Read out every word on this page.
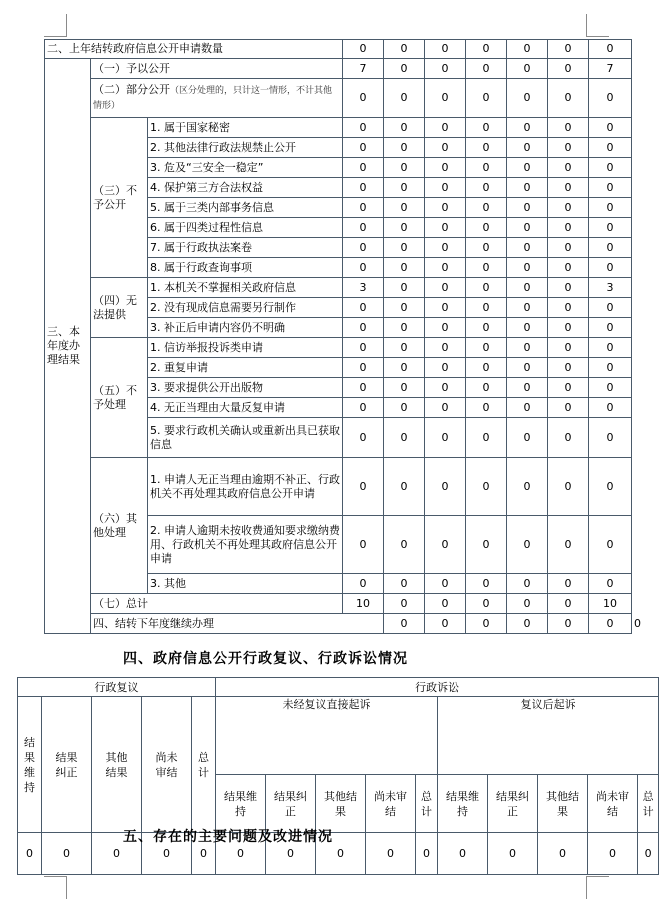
二、上年结转政府信息公开申请数量			0	0	0	0	0	0	0	
三、本年度办理结果	（一）予以公开		7	0	0	0	0	0	7	
	（二）部分公开（区分处理的，只计这一情形，不计其他情形）		0	0	0	0	0	0	0	
	（三）不予公开	1. 属于国家秘密	0	0	0	0	0	0	0	
		2. 其他法律行政法规禁止公开	0	0	0	0	0	0	0	
		3. 危及“三安全一稳定”	0	0	0	0	0	0	0	
		4. 保护第三方合法权益	0	0	0	0	0	0	0	
		5. 属于三类内部事务信息	0	0	0	0	0	0	0	
		6. 属于四类过程性信息	0	0	0	0	0	0	0	
		7. 属于行政执法案卷	0	0	0	0	0	0	0	
		8. 属于行政查询事项	0	0	0	0	0	0	0	
	（四）无法提供	1. 本机关不掌握相关政府信息	3	0	0	0	0	0	3	
		2. 没有现成信息需要另行制作	0	0	0	0	0	0	0	
		3. 补正后申请内容仍不明确	0	0	0	0	0	0	0	
	（五）不予处理	1. 信访举报投诉类申请	0	0	0	0	0	0	0	
		2. 重复申请	0	0	0	0	0	0	0	
		3. 要求提供公开出版物	0	0	0	0	0	0	0	
		4. 无正当理由大量反复申请	0	0	0	0	0	0	0	
		5. 要求行政机关确认或重新出具已获取信息	0	0	0	0	0	0	0	
	（六）其他处理	1. 申请人无正当理由逾期不补正、行政机关不再处理其政府信息公开申请	0	0	0	0	0	0	0	
		2. 申请人逾期未按收费通知要求缴纳费用、行政机关不再处理其政府信息公开申请	0	0	0	0	0	0	0	
		3. 其他	0	0	0	0	0	0	0	
	（七）总计		10	0	0	0	0	0	10	
	四、结转下年度继续办理			0	0	0	0	0	0	0
四、政府信息公开行政复议、行政诉讼情况
行政复议					行政诉讼									
结果维持	结果纠正	其他结果	尚未审结	总计	未经复议直接起诉					复议后起诉				
					结果维持	结果纠正	其他结果	尚未审结	总计	结果维持	结果纠正	其他结果	尚未审结	总计
0	0	0	0	0	0	0	0	0	0	0	0	0	0	0
五、存在的主要问题及改进情况
